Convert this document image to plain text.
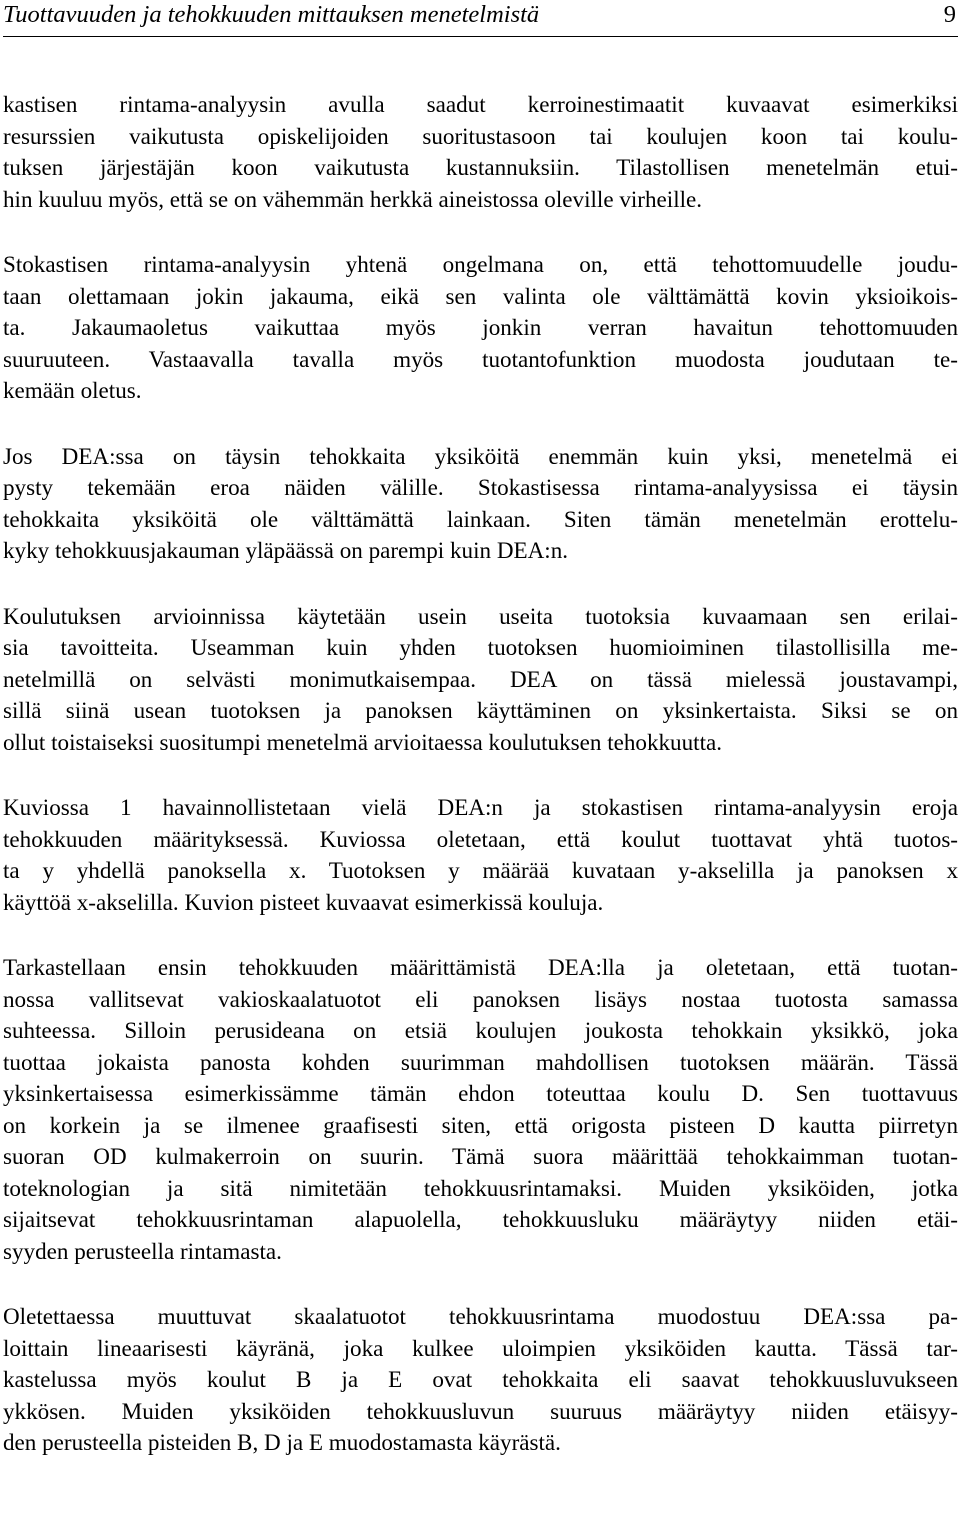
Tuottavuuden ja tehokkuuden mittauksen menetelmistä	9

kastisen rintama-analyysin avulla saadut kerroinestimaatit kuvaavat esimerkiksi
resurssien vaikutusta opiskelijoiden suoritustasoon tai koulujen koon tai koulu-
tuksen järjestäjän koon vaikutusta kustannuksiin. Tilastollisen menetelmän etui-
hin kuuluu myös, että se on vähemmän herkkä aineistossa oleville virheille.

Stokastisen rintama-analyysin yhtenä ongelmana on, että tehottomuudelle joudu-
taan olettamaan jokin jakauma, eikä sen valinta ole välttämättä kovin yksioikois-
ta. Jakaumaoletus vaikuttaa myös jonkin verran havaitun tehottomuuden
suuruuteen. Vastaavalla tavalla myös tuotantofunktion muodosta joudutaan te-
kemään oletus.

Jos DEA:ssa on täysin tehokkaita yksiköitä enemmän kuin yksi, menetelmä ei
pysty tekemään eroa näiden välille. Stokastisessa rintama-analyysissa ei täysin
tehokkaita yksiköitä ole välttämättä lainkaan. Siten tämän menetelmän erottelu-
kyky tehokkuusjakauman yläpäässä on parempi kuin DEA:n.

Koulutuksen arvioinnissa käytetään usein useita tuotoksia kuvaamaan sen erilai-
sia tavoitteita. Useamman kuin yhden tuotoksen huomioiminen tilastollisilla me-
netelmillä on selvästi monimutkaisempaa. DEA on tässä mielessä joustavampi,
sillä siinä usean tuotoksen ja panoksen käyttäminen on yksinkertaista. Siksi se on
ollut toistaiseksi suositumpi menetelmä arvioitaessa koulutuksen tehokkuutta.

Kuviossa 1 havainnollistetaan vielä DEA:n ja stokastisen rintama-analyysin eroja
tehokkuuden määrityksessä. Kuviossa oletetaan, että koulut tuottavat yhtä tuotos-
ta y yhdellä panoksella x. Tuotoksen y määrää kuvataan y-akselilla ja panoksen x
käyttöä x-akselilla. Kuvion pisteet kuvaavat esimerkissä kouluja.

Tarkastellaan ensin tehokkuuden määrittämistä DEA:lla ja oletetaan, että tuotan-
nossa vallitsevat vakioskaalatuotot eli panoksen lisäys nostaa tuotosta samassa
suhteessa. Silloin perusideana on etsiä koulujen joukosta tehokkain yksikkö, joka
tuottaa jokaista panosta kohden suurimman mahdollisen tuotoksen määrän. Tässä
yksinkertaisessa esimerkissämme tämän ehdon toteuttaa koulu D. Sen tuottavuus
on korkein ja se ilmenee graafisesti siten, että origosta pisteen D kautta piirretyn
suoran OD kulmakerroin on suurin. Tämä suora määrittää tehokkaimman tuotan-
toteknologian ja sitä nimitetään tehokkuusrintamaksi. Muiden yksiköiden, jotka
sijaitsevat tehokkuusrintaman alapuolella, tehokkuusluku määräytyy niiden etäi-
syyden perusteella rintamasta.

Oletettaessa muuttuvat skaalatuotot tehokkuusrintama muodostuu DEA:ssa pa-
loittain lineaarisesti käyränä, joka kulkee uloimpien yksiköiden kautta. Tässä tar-
kastelussa myös koulut B ja E ovat tehokkaita eli saavat tehokkuusluvukseen
ykkösen. Muiden yksiköiden tehokkuusluvun suuruus määräytyy niiden etäisyy-
den perusteella pisteiden B, D ja E muodostamasta käyrästä.
